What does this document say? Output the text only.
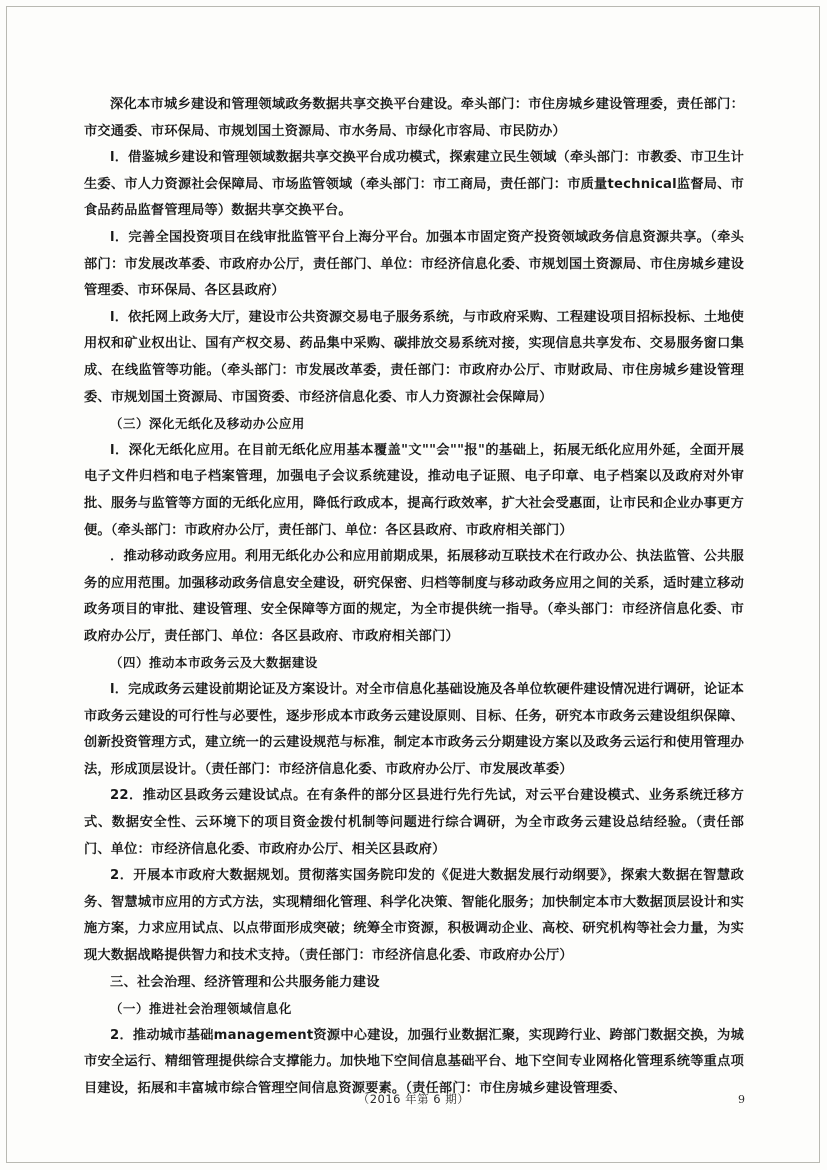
深化本市城乡建设和管理领域政务数据共享交换平台建设。牵头部门：市住房城乡建设管理委，责任部门：市交通委、市环保局、市规划国土资源局、市水务局、市绿化市容局、市民防办）

l．借鉴城乡建设和管理领域数据共享交换平台成功模式，探索建立民生领域（牵头部门：市教委、市卫生计生委、市人力资源社会保障局、市场监管领域（牵头部门：市工商局，责任部门：市质量technical监督局、市食品药品监督管理局等）数据共享交换平台。

l．完善全国投资项目在线审批监管平台上海分平台。加强本市固定资产投资领域政务信息资源共享。（牵头部门：市发展改革委、市政府办公厅，责任部门、单位：市经济信息化委、市规划国土资源局、市住房城乡建设管理委、市环保局、各区县政府）

l．依托网上政务大厅，建设市公共资源交易电子服务系统，与市政府采购、工程建设项目招标投标、土地使用权和矿业权出让、国有产权交易、药品集中采购、碳排放交易系统对接，实现信息共享发布、交易服务窗口集成、在线监管等功能。（牵头部门：市发展改革委，责任部门：市政府办公厅、市财政局、市住房城乡建设管理委、市规划国土资源局、市国资委、市经济信息化委、市人力资源社会保障局）

（三）深化无纸化及移动办公应用

l．深化无纸化应用。在目前无纸化应用基本覆盖"文""会""报"的基础上，拓展无纸化应用外延，全面开展电子文件归档和电子档案管理，加强电子会议系统建设，推动电子证照、电子印章、电子档案以及政府对外审批、服务与监管等方面的无纸化应用，降低行政成本，提高行政效率，扩大社会受惠面，让市民和企业办事更方便。（牵头部门：市政府办公厅，责任部门、单位：各区县政府、市政府相关部门）

．推动移动政务应用。利用无纸化办公和应用前期成果，拓展移动互联技术在行政办公、执法监管、公共服务的应用范围。加强移动政务信息安全建设，研究保密、归档等制度与移动政务应用之间的关系，适时建立移动政务项目的审批、建设管理、安全保障等方面的规定，为全市提供统一指导。（牵头部门：市经济信息化委、市政府办公厅，责任部门、单位：各区县政府、市政府相关部门）

（四）推动本市政务云及大数据建设

l．完成政务云建设前期论证及方案设计。对全市信息化基础设施及各单位软硬件建设情况进行调研，论证本市政务云建设的可行性与必要性，逐步形成本市政务云建设原则、目标、任务，研究本市政务云建设组织保障、创新投资管理方式，建立统一的云建设规范与标准，制定本市政务云分期建设方案以及政务云运行和使用管理办法，形成顶层设计。（责任部门：市经济信息化委、市政府办公厅、市发展改革委）

22．推动区县政务云建设试点。在有条件的部分区县进行先行先试，对云平台建设模式、业务系统迁移方式、数据安全性、云环境下的项目资金拨付机制等问题进行综合调研，为全市政务云建设总结经验。（责任部门、单位：市经济信息化委、市政府办公厅、相关区县政府）

2．开展本市政府大数据规划。贯彻落实国务院印发的《促进大数据发展行动纲要》，探索大数据在智慧政务、智慧城市应用的方式方法，实现精细化管理、科学化决策、智能化服务；加快制定本市大数据顶层设计和实施方案，力求应用试点、以点带面形成突破；统筹全市资源，积极调动企业、高校、研究机构等社会力量，为实现大数据战略提供智力和技术支持。（责任部门：市经济信息化委、市政府办公厅）

三、社会治理、经济管理和公共服务能力建设

（一）推进社会治理领域信息化

2．推动城市基础management资源中心建设，加强行业数据汇聚，实现跨行业、跨部门数据交换，为城市安全运行、精细管理提供综合支撑能力。加快地下空间信息基础平台、地下空间专业网格化管理系统等重点项目建设，拓展和丰富城市综合管理空间信息资源要素。（责任部门：市住房城乡建设管理委、

（2016 年第 6 期）	9
